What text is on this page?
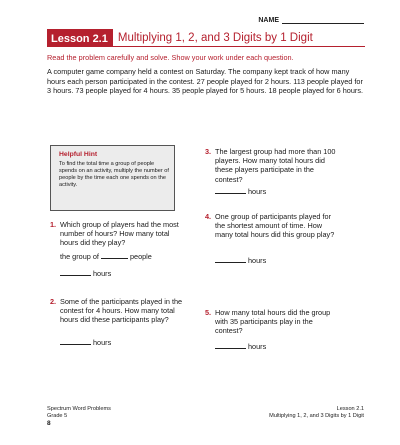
NAME
Lesson 2.1 Multiplying 1, 2, and 3 Digits by 1 Digit
Read the problem carefully and solve. Show your work under each question.
A computer game company held a contest on Saturday. The company kept track of how many hours each person participated in the contest. 27 people played for 2 hours. 113 people played for 3 hours. 73 people played for 4 hours. 35 people played for 5 hours. 18 people played for 6 hours.
Helpful Hint
To find the total time a group of people spends on an activity, multiply the number of people by the time each one spends on the activity.
1. Which group of players had the most number of hours? How many total hours did they play?
the group of	people
hours
2. Some of the participants played in the contest for 4 hours. How many total hours did these participants play?
hours
3. The largest group had more than 100 players. How many total hours did these players participate in the contest?
hours
4. One group of participants played for the shortest amount of time. How many total hours did this group play?
hours
5. How many total hours did the group with 35 participants play in the contest?
hours
Spectrum Word Problems
Grade 5
8
Lesson 2.1
Multiplying 1, 2, and 3 Digits by 1 Digit
